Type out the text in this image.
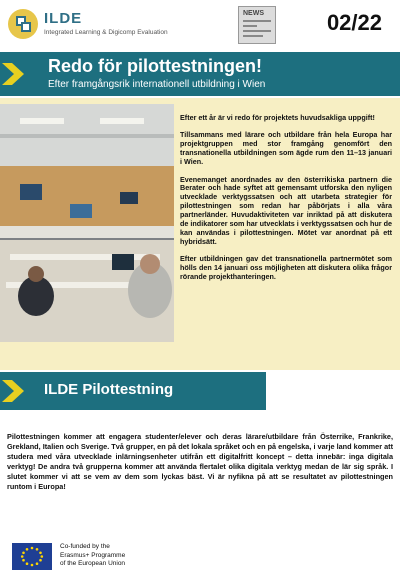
ILDE
Integrated Learning & Digicomp Evaluation
NEWS	02/22
Redo för pilottestningen!
Efter framgångsrik internationell utbildning i Wien

Efter ett år är vi redo för projektets huvudsakliga uppgift!

Tillsammans med lärare och utbildare från hela Europa har projektgruppen med stor framgång genomfört den transnationella utbildningen som ägde rum den 11–13 januari i Wien.

Evenemanget anordnades av den österrikiska partnern die Berater och hade syftet att gemensamt utforska den nyligen utvecklade verktygssatsen och att utarbeta strategier för pilottestningen som redan har påbörjats i alla våra partnerländer. Huvudaktiviteten var inriktad på att diskutera de indikatorer som har utvecklats i verktygssatsen och hur de kan användas i pilottestningen. Mötet var anordnat på ett hybridsätt.

Efter utbildningen gav det transnationella partnermötet som hölls den 14 januari oss möjligheten att diskutera olika frågor rörande projekthanteringen.

ILDE Pilottestning
Pilottestningen kommer att engagera studenter/elever och deras lärare/utbildare från Österrike, Frankrike, Grekland, Italien och Sverige. Två grupper, en på det lokala språket och en på engelska, i varje land kommer att studera med våra utvecklade inlärningsenheter utifrån ett digitalfritt koncept – detta innebär: inga digitala verktyg! De andra två grupperna kommer att använda flertalet olika digitala verktyg medan de lär sig språk. I slutet kommer vi att se vem av dem som lyckas bäst. Vi är nyfikna på att se resultatet av pilottestningen runtom i Europa!
Co-funded by the
Erasmus+ Programme
of the European Union
